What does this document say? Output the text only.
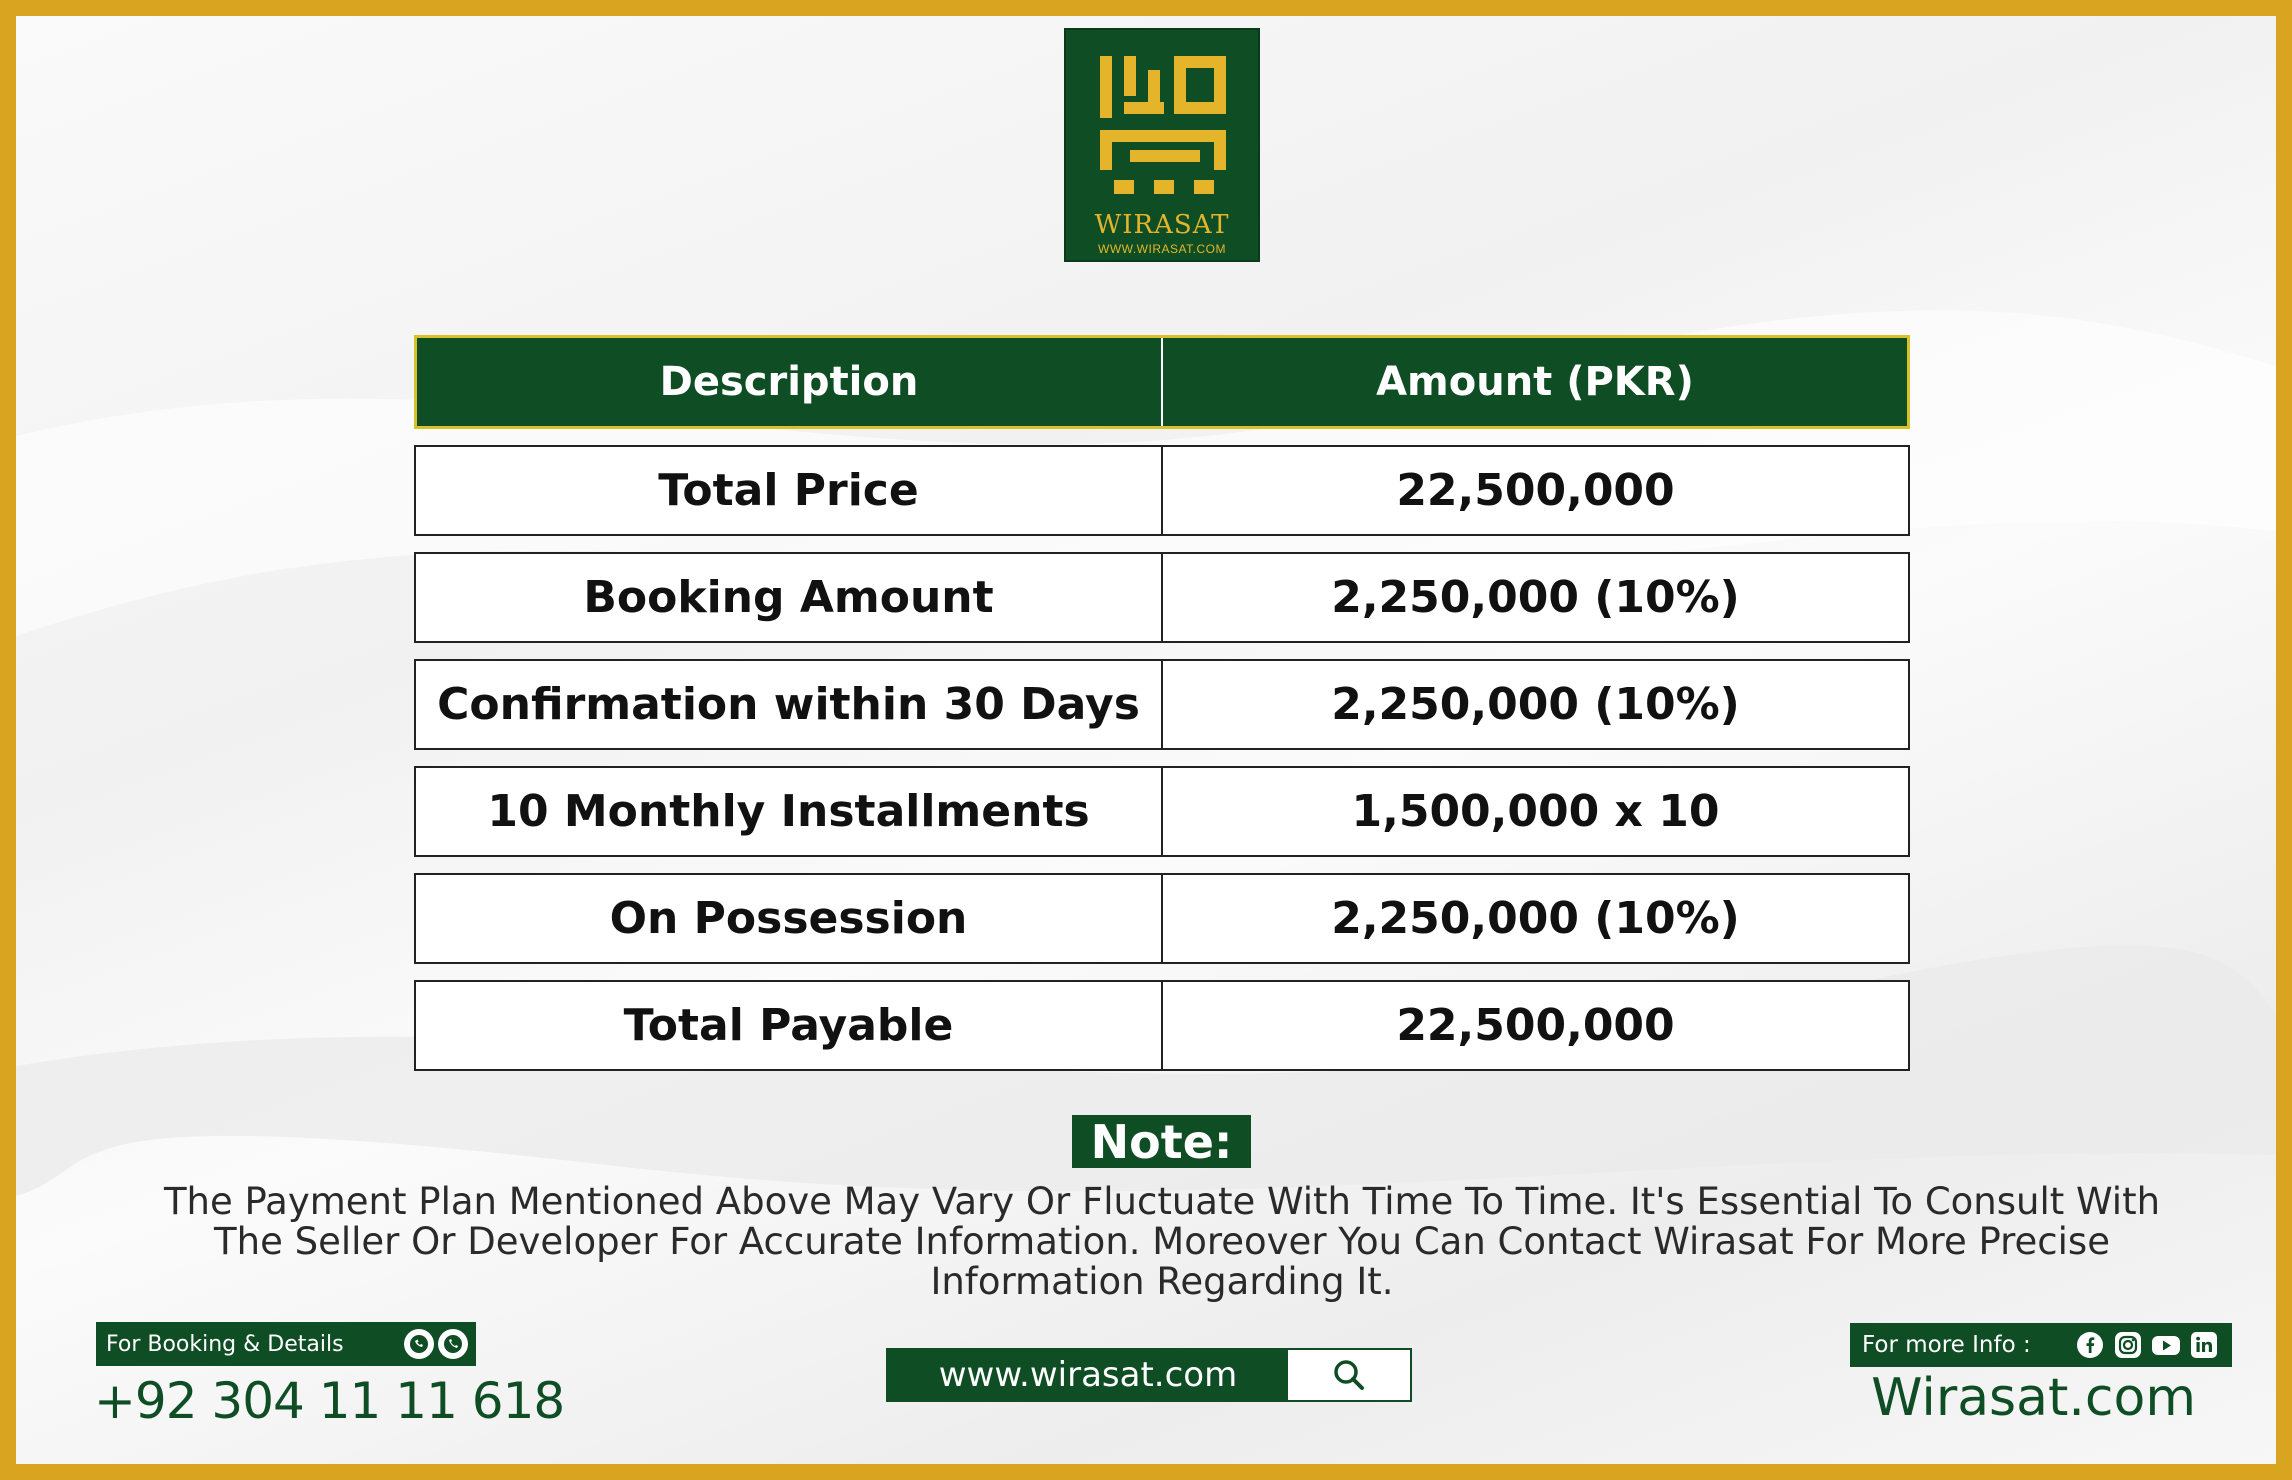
WIRASAT
WWW.WIRASAT.COM
Description	Amount (PKR)
Total Price	22,500,000
Booking Amount	2,250,000 (10%)
Confirmation within 30 Days	2,250,000 (10%)
10 Monthly Installments	1,500,000 x 10
On Possession	2,250,000 (10%)
Total Payable	22,500,000
Note:
The Payment Plan Mentioned Above May Vary Or Fluctuate With Time To Time. It's Essential To Consult With
The Seller Or Developer For Accurate Information. Moreover You Can Contact Wirasat For More Precise
Information Regarding It.
For Booking & Details
+92 304 11 11 618	www.wirasat.com
For more Info :
Wirasat.com
